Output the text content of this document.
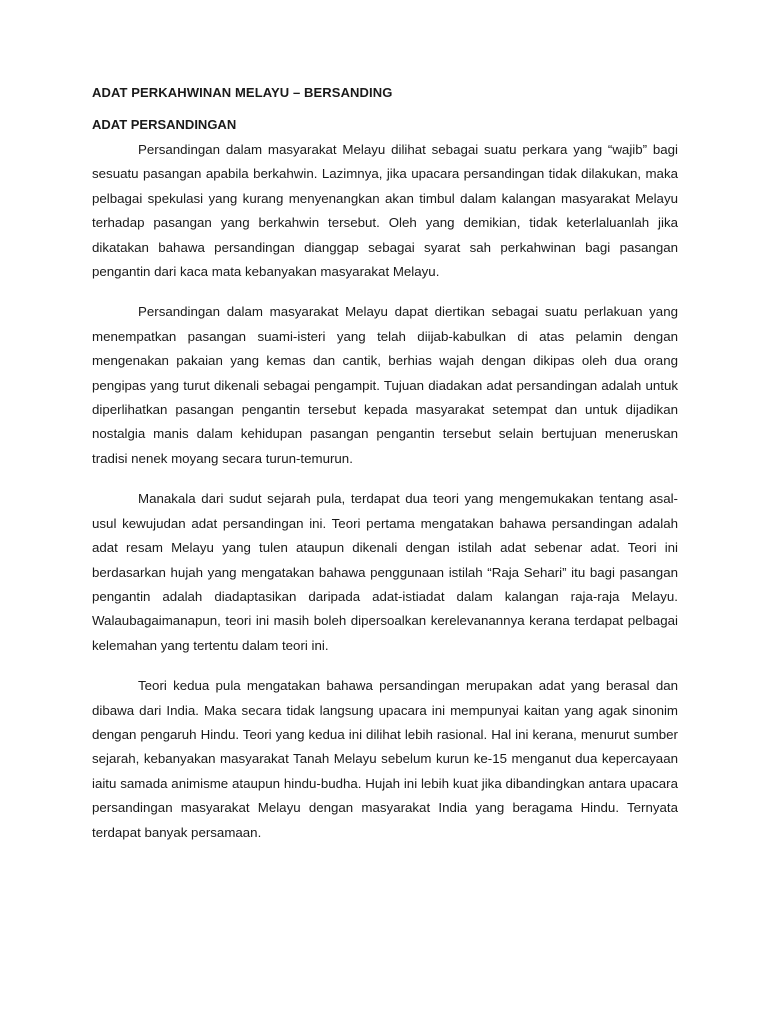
ADAT PERKAHWINAN MELAYU – BERSANDING
ADAT PERSANDINGAN

Persandingan dalam masyarakat Melayu dilihat sebagai suatu perkara yang “wajib” bagi sesuatu pasangan apabila berkahwin. Lazimnya, jika upacara persandingan tidak dilakukan, maka pelbagai spekulasi yang kurang menyenangkan akan timbul dalam kalangan masyarakat Melayu terhadap pasangan yang berkahwin tersebut. Oleh yang demikian, tidak keterlaluanlah jika dikatakan bahawa persandingan dianggap sebagai syarat sah perkahwinan bagi pasangan pengantin dari kaca mata kebanyakan masyarakat Melayu.

Persandingan dalam masyarakat Melayu dapat diertikan sebagai suatu perlakuan yang menempatkan pasangan suami-isteri yang telah diijab-kabulkan di atas pelamin dengan mengenakan pakaian yang kemas dan cantik, berhias wajah dengan dikipas oleh dua orang pengipas yang turut dikenali sebagai pengampit. Tujuan diadakan adat persandingan adalah untuk diperlihatkan pasangan pengantin tersebut kepada masyarakat setempat dan untuk dijadikan nostalgia manis dalam kehidupan pasangan pengantin tersebut selain bertujuan meneruskan tradisi nenek moyang secara turun-temurun.

Manakala dari sudut sejarah pula, terdapat dua teori yang mengemukakan tentang asal-usul kewujudan adat persandingan ini. Teori pertama mengatakan bahawa persandingan adalah adat resam Melayu yang tulen ataupun dikenali dengan istilah adat sebenar adat. Teori ini berdasarkan hujah yang mengatakan bahawa penggunaan istilah “Raja Sehari” itu bagi pasangan pengantin adalah diadaptasikan daripada adat-istiadat dalam kalangan raja-raja Melayu. Walaubagaimanapun, teori ini masih boleh dipersoalkan kerelevanannya kerana terdapat pelbagai kelemahan yang tertentu dalam teori ini.

Teori kedua pula mengatakan bahawa persandingan merupakan adat yang berasal dan dibawa dari India. Maka secara tidak langsung upacara ini mempunyai kaitan yang agak sinonim dengan pengaruh Hindu. Teori yang kedua ini dilihat lebih rasional. Hal ini kerana, menurut sumber sejarah, kebanyakan masyarakat Tanah Melayu sebelum kurun ke-15 menganut dua kepercayaan iaitu samada animisme ataupun hindu-budha. Hujah ini lebih kuat jika dibandingkan antara upacara persandingan masyarakat Melayu dengan masyarakat India yang beragama Hindu. Ternyata terdapat banyak persamaan.
